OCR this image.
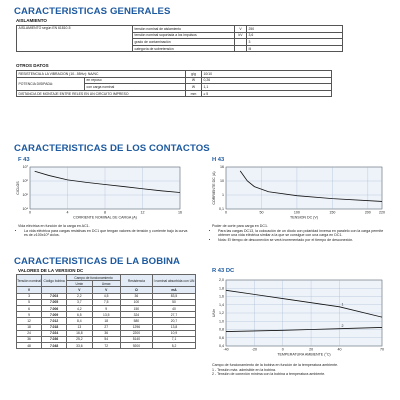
CARACTERISTICAS GENERALES
AISLAMIENTO
AISLAMIENTO según EN 61810-5	tensión nominal de aislamiento	V	250
	tensión nominal soportada a los impulsos	kV	3,6
	grado de contaminación		3
	categoría de sobretensión		III
OTROS DATOS
RESISTENCIA A LA VIBRACION (10...55Hz): NA/NC		g/g	10/10
POTENCIA DISIPADA:	en reposo	W	0,26
	con carga nominal	W	1,1
DISTANCIA DE MONTAJE ENTRE RELES EN UN CIRCUITO IMPRESO		mm	≥ 5
CARACTERISTICAS DE LOS CONTACTOS
F 43	H 43
0	4	8	12	16
10⁴
10⁵
10⁶
10⁷
CORRIENTE NOMINAL DE CARGA (A)
CICLOS
0	50	100	150	200 220
0,1
1
10
16
TENSION DC (V)
CORRIENTE DC (A)
Vida eléctrica en función de la carga en AC1.
• La vida eléctrica para cargas resistivas en DC1 que tengan valores de tensión y corriente bajo la curva es de ≥100x10³ ciclos.
Poder de corte para carga en DC1.
• Para las cargas DC13, la colocación de un diodo con polaridad inversa en paralelo con la carga permite obtener una vida eléctrica similar a la que se consigue con una carga en DC1.
• Nota: El tiempo de desconexión se verá incrementado por el tiempo de desconexión.
CARACTERISTICAS DE LA BOBINA
VALORES DE LA VERSION DC
Tensión nominal	Código bobina	Campo de funcionamiento		Resistencia	I nominal absorbida con UN
		Umin	Umax		
V		V	V	Ω	mA
3	7.003	2,2	4,5	36	83,5
5	7.005	3,7	7,5	100	50
6	7.006	4,2	9	150	40
9	7.009	6,5	13,5	324	27,7
12	7.012	8,4	18	580	20,7
18	7.018	13	27	1296	13,8
24	7.024	16,8	36	2200	10,9
36	7.036	25,2	54	5140	7,1
48	7.048	33,6	72	9200	5,2
R 43 DC
-40	-20	0	20	40	70
0,4
0,6
0,8
1,0
1,2
1,4
1,6
1,8
2,0
TEMPERATURA AMBIENTE (°C)
U/Un
1
2
Campo de funcionamiento de la bobina en función de la temperatura ambiente.
1 - Tensión máx. admisible en la bobina.
2 - Tensión de conexión mínima con la bobina a temperatura ambiente.
